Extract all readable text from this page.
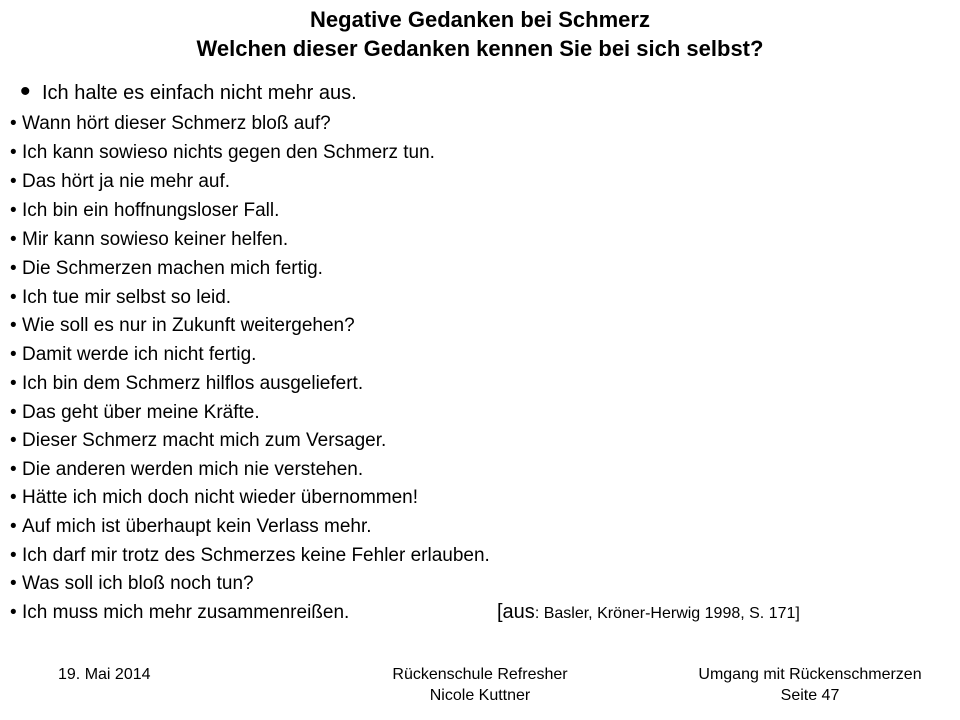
Negative Gedanken bei Schmerz
Welchen dieser Gedanken kennen Sie bei sich selbst?
• Ich halte es einfach nicht mehr aus.
• Wann hört dieser Schmerz bloß auf?
• Ich kann sowieso nichts gegen den Schmerz tun.
• Das hört ja nie mehr auf.
• Ich bin ein hoffnungsloser Fall.
• Mir kann sowieso keiner helfen.
• Die Schmerzen machen mich fertig.
• Ich tue mir selbst so leid.
• Wie soll es nur in Zukunft weitergehen?
• Damit werde ich nicht fertig.
• Ich bin dem Schmerz hilflos ausgeliefert.
• Das geht über meine Kräfte.
• Dieser Schmerz macht mich zum Versager.
• Die anderen werden mich nie verstehen.
• Hätte ich mich doch nicht wieder übernommen!
• Auf mich ist überhaupt kein Verlass mehr.
• Ich darf mir trotz des Schmerzes keine Fehler erlauben.
• Was soll ich bloß noch tun?
• Ich muss mich mehr zusammenreißen.	[aus: Basler, Kröner-Herwig 1998, S. 171]
19. Mai 2014	Rückenschule Refresher
Nicole Kuttner
Umgang mit Rückenschmerzen
Seite 47
